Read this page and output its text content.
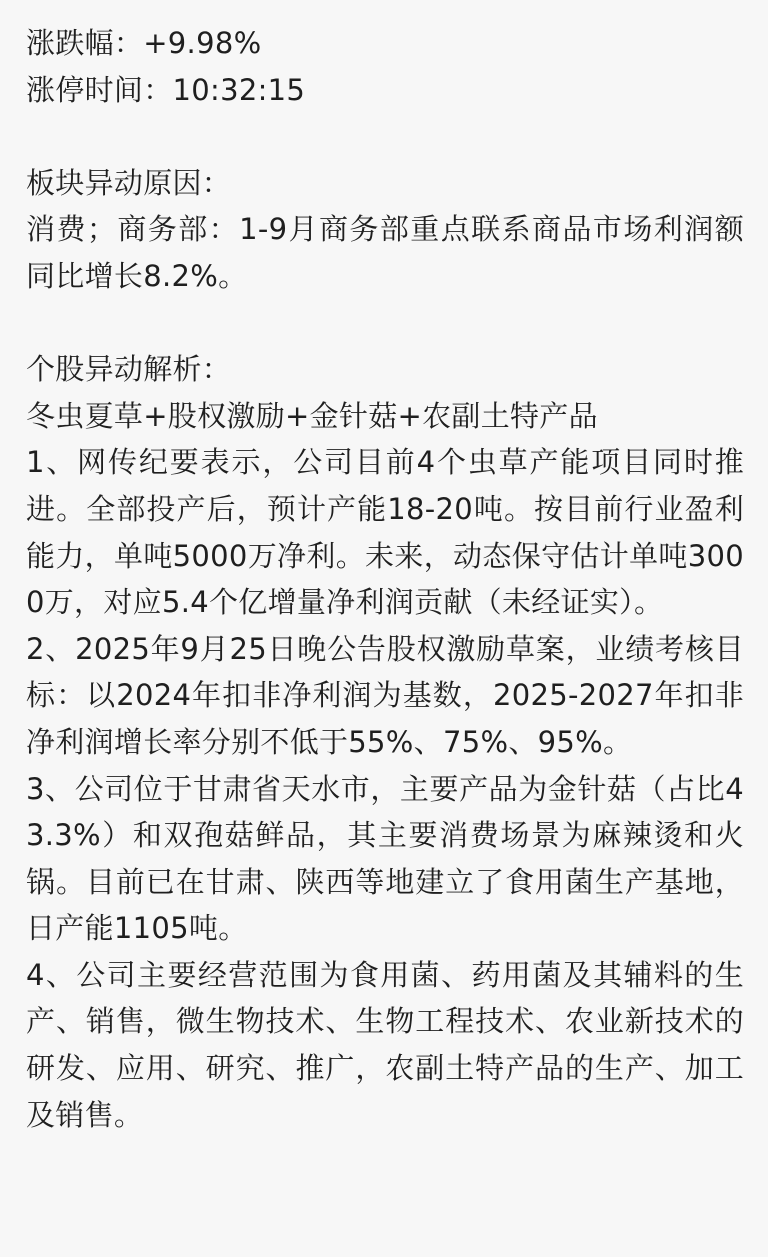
涨跌幅：+9.98%
涨停时间：10:32:15
板块异动原因：
消费；商务部：1-9月商务部重点联系商品市场利润额同比增长8.2%。
个股异动解析：
冬虫夏草+股权激励+金针菇+农副土特产品
1、网传纪要表示，公司目前4个虫草产能项目同时推进。全部投产后，预计产能18-20吨。按目前行业盈利能力，单吨5000万净利。未来，动态保守估计单吨3000万，对应5.4个亿增量净利润贡献（未经证实）。
2、2025年9月25日晚公告股权激励草案，业绩考核目标：以2024年扣非净利润为基数，2025-2027年扣非净利润增长率分别不低于55%、75%、95%。
3、公司位于甘肃省天水市，主要产品为金针菇（占比43.3%）和双孢菇鲜品，其主要消费场景为麻辣烫和火锅。目前已在甘肃、陕西等地建立了食用菌生产基地，日产能1105吨。
4、公司主要经营范围为食用菌、药用菌及其辅料的生产、销售，微生物技术、生物工程技术、农业新技术的研发、应用、研究、推广，农副土特产品的生产、加工及销售。
